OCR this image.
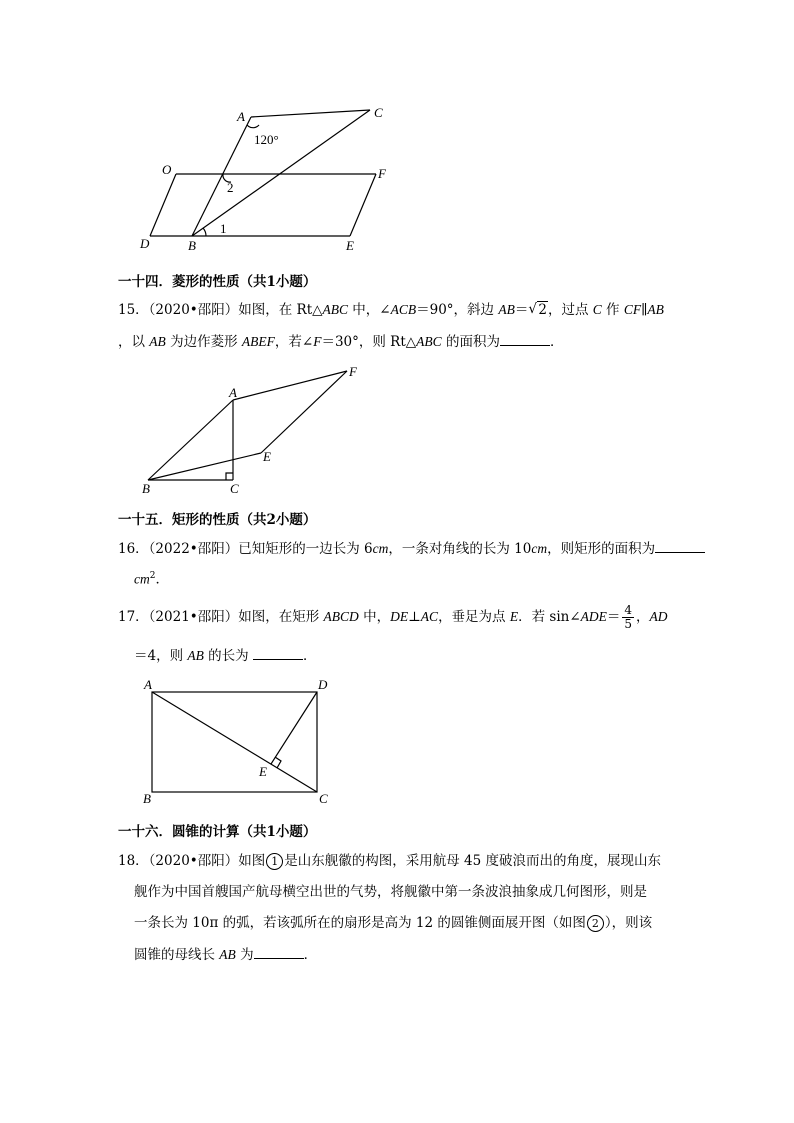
A	C
O	F
D	B	E
120°
2
1
一十四．菱形的性质（共1小题）
15．（2020•邵阳）如图，在 Rt△ABC 中，∠ACB＝90°，斜边 AB＝√ 2，过点 C 作 CF∥AB
，以 AB 为边作菱形 ABEF，若∠F＝30°，则 Rt△ABC 的面积为	．
A
F
E
B	C
一十五．矩形的性质（共2小题）
16．（2022•邵阳）已知矩形的一边长为 6cm，一条对角线的长为 10cm，则矩形的面积为
$cm^2$．
17．（2021•邵阳）如图，在矩形 ABCD 中，DE⊥AC，垂足为点 E．若 sin∠ADE＝ $\frac{4}{5}$ ，AD
＝4，则 AB 的长为	．
A	D
E
B	C
一十六．圆锥的计算（共1小题）
18．（2020•邵阳）如图 1 是山东舰徽的构图，采用航母 45 度破浪而出的角度，展现山东
舰作为中国首艘国产航母横空出世的气势，将舰徽中第一条波浪抽象成几何图形，则是
一条长为 10π 的弧，若该弧所在的扇形是高为 12 的圆锥侧面展开图（如图 2 ），则该
圆锥的母线长 AB 为	．
